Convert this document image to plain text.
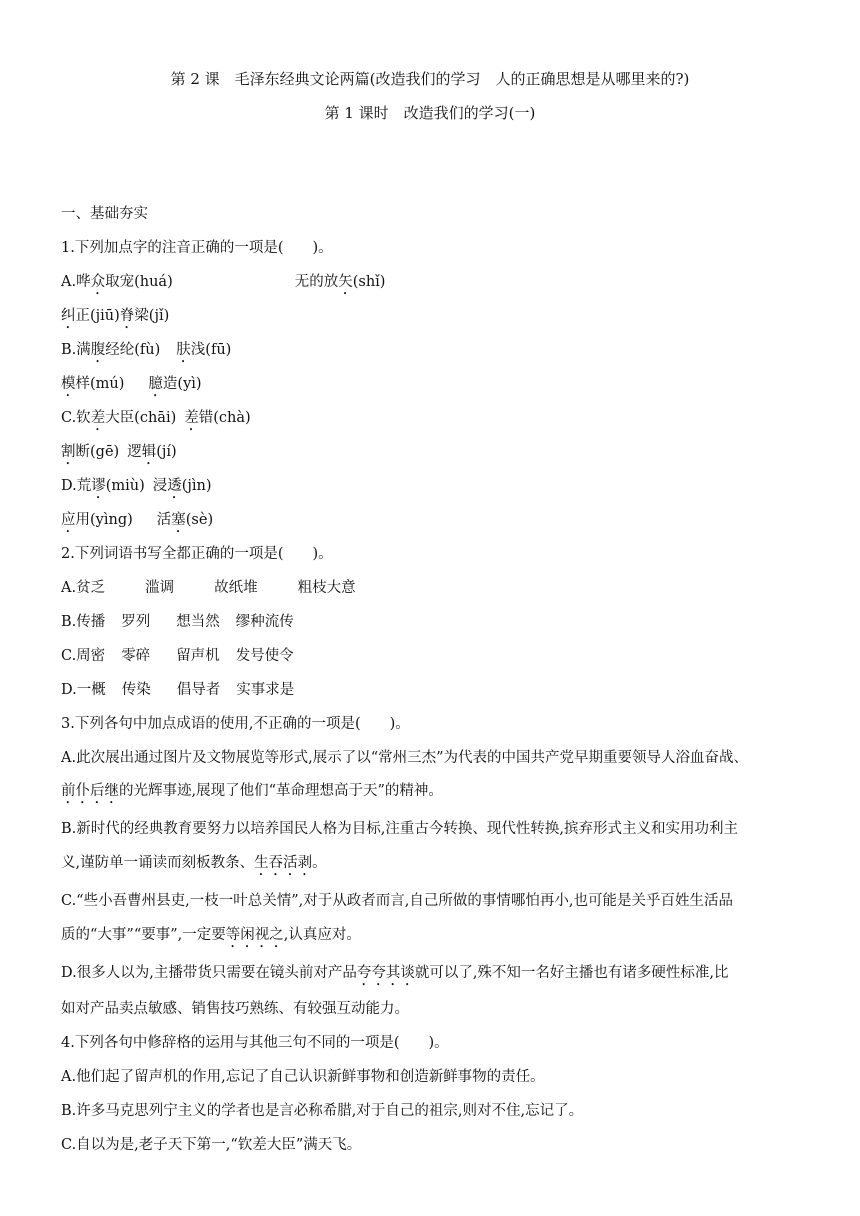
第 2 课　毛泽东经典文论两篇(改造我们的学习　人的正确思想是从哪里来的?)
第 1 课时　改造我们的学习(一)
一、基础夯实
1.下列加点字的注音正确的一项是(　　)。
A.哗众取宠(huá)	无的放矢(shǐ)
纠正(jiū)脊梁(jǐ)
B.满腹经纶(fù) 肤浅(fū)
模样(mú) 臆造(yì)
C.钦差大臣(chāi) 差错(chà)
割断(gē) 逻辑(jí)
D.荒谬(miù) 浸透(jìn)
应用(yìng) 活塞(sè)
2.下列词语书写全都正确的一项是(　　)。
A.贫乏	滥调	故纸堆	粗枝大意
B.传播 罗列 想当然 缪种流传
C.周密 零碎 留声机 发号使令
D.一概 传染 倡导者 实事求是
3.下列各句中加点成语的使用,不正确的一项是(　　)。
A.此次展出通过图片及文物展览等形式,展示了以“常州三杰”为代表的中国共产党早期重要领导人浴血奋战、
前仆后继的光辉事迹,展现了他们“革命理想高于天”的精神。
B.新时代的经典教育要努力以培养国民人格为目标,注重古今转换、现代性转换,摈弃形式主义和实用功利主
义,谨防单一诵读而刻板教条、生吞活剥。
C.“些小吾曹州县吏,一枝一叶总关情”,对于从政者而言,自己所做的事情哪怕再小,也可能是关乎百姓生活品
质的“大事”“要事”,一定要等闲视之,认真应对。
D.很多人以为,主播带货只需要在镜头前对产品夸夸其谈就可以了,殊不知一名好主播也有诸多硬性标准,比
如对产品卖点敏感、销售技巧熟练、有较强互动能力。
4.下列各句中修辞格的运用与其他三句不同的一项是(　　)。
A.他们起了留声机的作用,忘记了自己认识新鲜事物和创造新鲜事物的责任。
B.许多马克思列宁主义的学者也是言必称希腊,对于自己的祖宗,则对不住,忘记了。
C.自以为是,老子天下第一,“钦差大臣”满天飞。
